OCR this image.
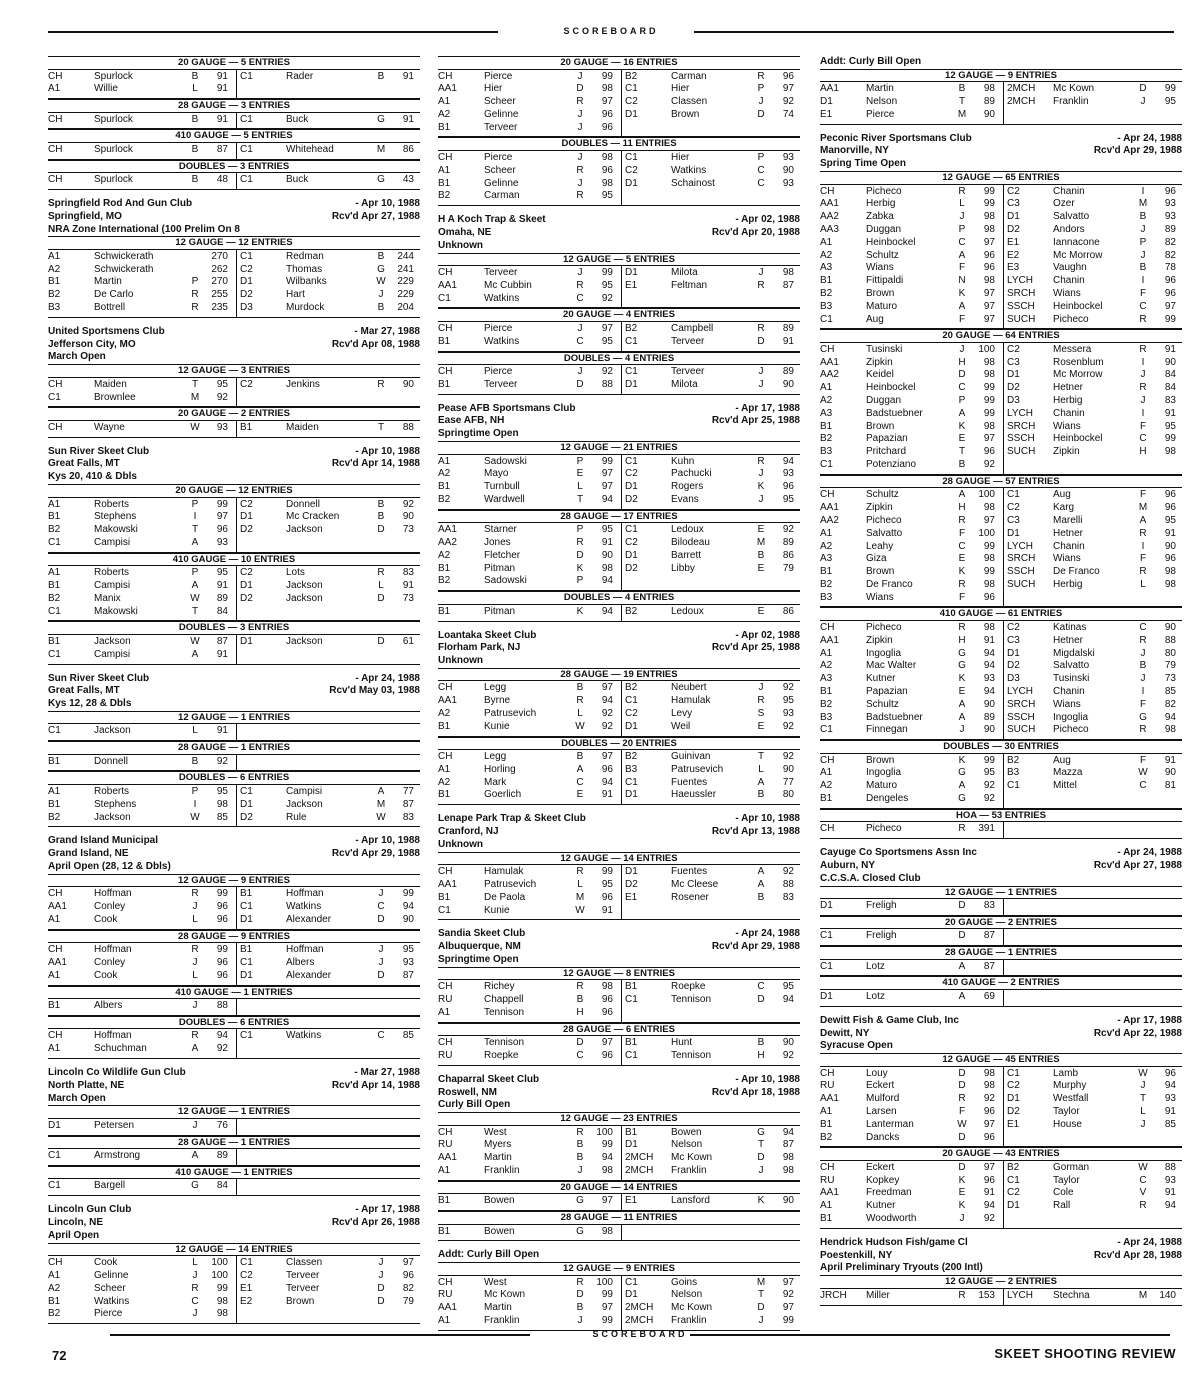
SCOREBOARD
20 GAUGE — 5 ENTRIES
CH	Spurlock	B	91	C1	Rader	B	91
A1	Willie	L	91
28 GAUGE — 3 ENTRIES
CH	Spurlock	B	91	C1	Buck	G	91
410 GAUGE — 5 ENTRIES
CH	Spurlock	B	87	C1	Whitehead	M	86
DOUBLES — 3 ENTRIES
CH	Spurlock	B	48	C1	Buck	G	43
Springfield Rod And Gun Club	- Apr 10, 1988
Springfield, MO	Rcv'd Apr 27, 1988
NRA Zone International (100 Prelim On 8
12 GAUGE — 12 ENTRIES
A1	Schwickerath	270	C1	Redman	B	244
A2	Schwickerath	262	C2	Thomas	G	241
B1	Martin	P	270	D1	Wilbanks	W	229
B2	De Carlo	R	255	D2	Hart	J	229
B3	Bottrell	R	235	D3	Murdock	B	204
United Sportsmens Club	- Mar 27, 1988
Jefferson City, MO	Rcv'd Apr 08, 1988
March Open
12 GAUGE — 3 ENTRIES
CH	Maiden	T	95	C2	Jenkins	R	90
C1	Brownlee	M	92
20 GAUGE — 2 ENTRIES
CH	Wayne	W	93	B1	Maiden	T	88
Sun River Skeet Club	- Apr 10, 1988
Great Falls, MT	Rcv'd Apr 14, 1988
Kys 20, 410 & Dbls
20 GAUGE — 12 ENTRIES
A1	Roberts	P	99	C2	Donnell	B	92
B1	Stephens	I	97	D1	Mc Cracken	B	90
B2	Makowski	T	96	D2	Jackson	D	73
C1	Campisi	A	93
410 GAUGE — 10 ENTRIES
A1	Roberts	P	95	C2	Lots	R	83
B1	Campisi	A	91	D1	Jackson	L	91
B2	Manix	W	89	D2	Jackson	D	73
C1	Makowski	T	84
DOUBLES — 3 ENTRIES
B1	Jackson	W	87	D1	Jackson	D	61
C1	Campisi	A	91
Sun River Skeet Club	- Apr 24, 1988
Great Falls, MT	Rcv'd May 03, 1988
Kys 12, 28 & Dbls
12 GAUGE — 1 ENTRIES
C1	Jackson	L	91
28 GAUGE — 1 ENTRIES
B1	Donnell	B	92
DOUBLES — 6 ENTRIES
A1	Roberts	P	95	C1	Campisi	A	77
B1	Stephens	I	98	D1	Jackson	M	87
B2	Jackson	W	85	D2	Rule	W	83
Grand Island Municipal	- Apr 10, 1988
Grand Island, NE	Rcv'd Apr 29, 1988
April Open (28, 12 & Dbls)
12 GAUGE — 9 ENTRIES
CH	Hoffman	R	99	B1	Hoffman	J	99
AA1	Conley	J	96	C1	Watkins	C	94
A1	Cook	L	96	D1	Alexander	D	90
28 GAUGE — 9 ENTRIES
CH	Hoffman	R	99	B1	Hoffman	J	95
AA1	Conley	J	96	C1	Albers	J	93
A1	Cook	L	96	D1	Alexander	D	87
410 GAUGE — 1 ENTRIES
B1	Albers	J	88
DOUBLES — 6 ENTRIES
CH	Hoffman	R	94	C1	Watkins	C	85
A1	Schuchman	A	92
Lincoln Co Wildlife Gun Club	- Mar 27, 1988
North Platte, NE	Rcv'd Apr 14, 1988
March Open
12 GAUGE — 1 ENTRIES
D1	Petersen	J	76
28 GAUGE — 1 ENTRIES
C1	Armstrong	A	89
410 GAUGE — 1 ENTRIES
C1	Bargell	G	84
Lincoln Gun Club	- Apr 17, 1988
Lincoln, NE	Rcv'd Apr 26, 1988
April Open
12 GAUGE — 14 ENTRIES
CH	Cook	L	100	C1	Classen	J	97
A1	Gelinne	J	100	C2	Terveer	J	96
A2	Scheer	R	99	E1	Terveer	D	82
B1	Watkins	C	98	E2	Brown	D	79
B2	Pierce	J	98
20 GAUGE — 16 ENTRIES
CH	Pierce	J	99	B2	Carman	R	96
AA1	Hier	D	98	C1	Hier	P	97
A1	Scheer	R	97	C2	Classen	J	92
A2	Gelinne	J	96	D1	Brown	D	74
B1	Terveer	J	96
DOUBLES — 11 ENTRIES
CH	Pierce	J	98	C1	Hier	P	93
A1	Scheer	R	96	C2	Watkins	C	90
B1	Gelinne	J	98	D1	Schainost	C	93
B2	Carman	R	95
H A Koch Trap & Skeet	- Apr 02, 1988
Omaha, NE	Rcv'd Apr 20, 1988
Unknown
12 GAUGE — 5 ENTRIES
CH	Terveer	J	99	D1	Milota	J	98
AA1	Mc Cubbin	R	95	E1	Feltman	R	87
C1	Watkins	C	92
20 GAUGE — 4 ENTRIES
CH	Pierce	J	97	B2	Campbell	R	89
B1	Watkins	C	95	C1	Terveer	D	91
DOUBLES — 4 ENTRIES
CH	Pierce	J	92	C1	Terveer	J	89
B1	Terveer	D	88	D1	Milota	J	90
Pease AFB Sportsmans Club	- Apr 17, 1988
Ease AFB, NH	Rcv'd Apr 25, 1988
Springtime Open
12 GAUGE — 21 ENTRIES
A1	Sadowski	P	99	C1	Kuhn	R	94
A2	Mayo	E	97	C2	Pachucki	J	93
B1	Turnbull	L	97	D1	Rogers	K	96
B2	Wardwell	T	94	D2	Evans	J	95
28 GAUGE — 17 ENTRIES
AA1	Starner	P	95	C1	Ledoux	E	92
AA2	Jones	R	91	C2	Bilodeau	M	89
A2	Fletcher	D	90	D1	Barrett	B	86
B1	Pitman	K	98	D2	Libby	E	79
B2	Sadowski	P	94
DOUBLES — 4 ENTRIES
B1	Pitman	K	94	B2	Ledoux	E	86
Loantaka Skeet Club	- Apr 02, 1988
Florham Park, NJ	Rcv'd Apr 25, 1988
Unknown
28 GAUGE — 19 ENTRIES
CH	Legg	B	97	B2	Neubert	J	92
AA1	Byrne	R	94	C1	Hamulak	R	95
A2	Patrusevich	L	92	C2	Levy	S	93
B1	Kunie	W	92	D1	Weil	E	92
DOUBLES — 20 ENTRIES
CH	Legg	B	97	B2	Guinivan	T	92
A1	Horling	A	96	B3	Patrusevich	L	90
A2	Mark	C	94	C1	Fuentes	A	77
B1	Goerlich	E	91	D1	Haeussler	B	80
Lenape Park Trap & Skeet Club	- Apr 10, 1988
Cranford, NJ	Rcv'd Apr 13, 1988
Unknown
12 GAUGE — 14 ENTRIES
CH	Hamulak	R	99	D1	Fuentes	A	92
AA1	Patrusevich	L	95	D2	Mc Cleese	A	88
B1	De Paola	M	96	E1	Rosener	B	83
C1	Kunie	W	91
Sandia Skeet Club	- Apr 24, 1988
Albuquerque, NM	Rcv'd Apr 29, 1988
Springtime Open
12 GAUGE — 8 ENTRIES
CH	Richey	R	98	B1	Roepke	C	95
RU	Chappell	B	96	C1	Tennison	D	94
A1	Tennison	H	96
28 GAUGE — 6 ENTRIES
CH	Tennison	D	97	B1	Hunt	B	90
RU	Roepke	C	96	C1	Tennison	H	92
Chaparral Skeet Club	- Apr 10, 1988
Roswell, NM	Rcv'd Apr 18, 1988
Curly Bill Open
12 GAUGE — 23 ENTRIES
CH	West	R	100	B1	Bowen	G	94
RU	Myers	B	99	D1	Nelson	T	87
AA1	Martin	B	94	2MCH	Mc Kown	D	98
A1	Franklin	J	98	2MCH	Franklin	J	98
20 GAUGE — 14 ENTRIES
B1	Bowen	G	97	E1	Lansford	K	90
28 GAUGE — 11 ENTRIES
B1	Bowen	G	98
Addt: Curly Bill Open
12 GAUGE — 9 ENTRIES
CH	West	R	100	C1	Goins	M	97
RU	Mc Kown	D	99	D1	Nelson	T	92
AA1	Martin	B	97	2MCH	Mc Kown	D	97
A1	Franklin	J	99	2MCH	Franklin	J	99
Addt: Curly Bill Open
12 GAUGE — 9 ENTRIES
AA1	Martin	B	98	2MCH	Mc Kown	D	99
D1	Nelson	T	89	2MCH	Franklin	J	95
E1	Pierce	M	90
Peconic River Sportsmans Club	- Apr 24, 1988
Manorville, NY	Rcv'd Apr 29, 1988
Spring Time Open
12 GAUGE — 65 ENTRIES
CH	Picheco	R	99	C2	Chanin	I	96
AA1	Herbig	L	99	C3	Ozer	M	93
AA2	Zabka	J	98	D1	Salvatto	B	93
AA3	Duggan	P	98	D2	Andors	J	89
A1	Heinbockel	C	97	E1	Iannacone	P	82
A2	Schultz	A	96	E2	Mc Morrow	J	82
A3	Wians	F	96	E3	Vaughn	B	78
B1	Fittipaldi	N	98	LYCH	Chanin	I	96
B2	Brown	K	97	SRCH	Wians	F	96
B3	Maturo	A	97	SSCH	Heinbockel	C	97
C1	Aug	F	97	SUCH	Picheco	R	99
20 GAUGE — 64 ENTRIES
CH	Tusinski	J	100	C2	Messera	R	91
AA1	Zipkin	H	98	C3	Rosenblum	I	90
AA2	Keidel	D	98	D1	Mc Morrow	J	84
A1	Heinbockel	C	99	D2	Hetner	R	84
A2	Duggan	P	99	D3	Herbig	J	83
A3	Badstuebner	A	99	LYCH	Chanin	I	91
B1	Brown	K	98	SRCH	Wians	F	95
B2	Papazian	E	97	SSCH	Heinbockel	C	99
B3	Pritchard	T	96	SUCH	Zipkin	H	98
C1	Potenziano	B	92
28 GAUGE — 57 ENTRIES
CH	Schultz	A	100	C1	Aug	F	96
AA1	Zipkin	H	98	C2	Karg	M	96
AA2	Picheco	R	97	C3	Marelli	A	95
A1	Salvatto	F	100	D1	Hetner	R	91
A2	Leahy	C	99	LYCH	Chanin	I	90
A3	Giza	E	98	SRCH	Wians	F	96
B1	Brown	K	99	SSCH	De Franco	R	98
B2	De Franco	R	98	SUCH	Herbig	L	98
B3	Wians	F	96
410 GAUGE — 61 ENTRIES
CH	Picheco	R	98	C2	Katinas	C	90
AA1	Zipkin	H	91	C3	Hetner	R	88
A1	Ingoglia	G	94	D1	Migdalski	J	80
A2	Mac Walter	G	94	D2	Salvatto	B	79
A3	Kutner	K	93	D3	Tusinski	J	73
B1	Papazian	E	94	LYCH	Chanin	I	85
B2	Schultz	A	90	SRCH	Wians	F	82
B3	Badstuebner	A	89	SSCH	Ingoglia	G	94
C1	Finnegan	J	90	SUCH	Picheco	R	98
DOUBLES — 30 ENTRIES
CH	Brown	K	99	B2	Aug	F	91
A1	Ingoglia	G	95	B3	Mazza	W	90
A2	Maturo	A	92	C1	Mittel	C	81
B1	Dengeles	G	92
HOA — 53 ENTRIES
CH	Picheco	R	391
Cayuge Co Sportsmens Assn Inc	- Apr 24, 1988
Auburn, NY	Rcv'd Apr 27, 1988
C.C.S.A. Closed Club
12 GAUGE — 1 ENTRIES
D1	Freligh	D	83
20 GAUGE — 2 ENTRIES
C1	Freligh	D	87
28 GAUGE — 1 ENTRIES
C1	Lotz	A	87
410 GAUGE — 2 ENTRIES
D1	Lotz	A	69
Dewitt Fish & Game Club, Inc	- Apr 17, 1988
Dewitt, NY	Rcv'd Apr 22, 1988
Syracuse Open
12 GAUGE — 45 ENTRIES
CH	Louy	D	98	C1	Lamb	W	96
RU	Eckert	D	98	C2	Murphy	J	94
AA1	Mulford	R	92	D1	Westfall	T	93
A1	Larsen	F	96	D2	Taylor	L	91
B1	Lanterman	W	97	E1	House	J	85
B2	Dancks	D	96
20 GAUGE — 43 ENTRIES
CH	Eckert	D	97	B2	Gorman	W	88
RU	Kopkey	K	96	C1	Taylor	C	93
AA1	Freedman	E	91	C2	Cole	V	91
A1	Kutner	K	94	D1	Rall	R	94
B1	Woodworth	J	92
Hendrick Hudson Fish/game Cl	- Apr 24, 1988
Poestenkill, NY	Rcv'd Apr 28, 1988
April Preliminary Tryouts (200 Intl)
12 GAUGE — 2 ENTRIES
JRCH	Miller	R	153	LYCH	Stechna	M	140
SCOREBOARD
72	SKEET SHOOTING REVIEW
